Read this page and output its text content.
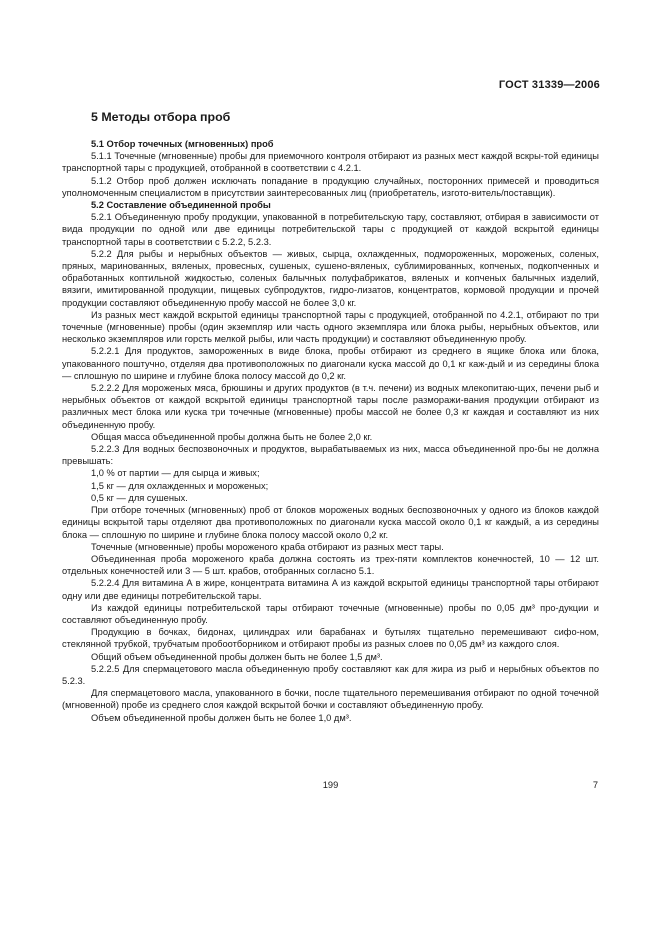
ГОСТ 31339—2006
5 Методы отбора проб

5.1 Отбор точечных (мгновенных) проб

5.1.1 Точечные (мгновенные) пробы для приемочного контроля отбирают из разных мест каждой вскры-той единицы транспортной тары с продукцией, отобранной в соответствии с 4.2.1.

5.1.2 Отбор проб должен исключать попадание в продукцию случайных, посторонних примесей и проводиться уполномоченным специалистом в присутствии заинтересованных лиц (приобретатель, изгото-витель/поставщик).

5.2 Составление объединенной пробы

5.2.1 Объединенную пробу продукции, упакованной в потребительскую тару, составляют, отбирая в зависимости от вида продукции по одной или две единицы потребительской тары с продукцией от каждой вскрытой единицы транспортной тары в соответствии с 5.2.2, 5.2.3.

5.2.2 Для рыбы и нерыбных объектов — живых, сырца, охлажденных, подмороженных, мороженых, соленых, пряных, маринованных, вяленых, провесных, сушеных, сушено-вяленых, сублимированных, копченых, подкопченных и обработанных коптильной жидкостью, соленых балычных полуфабрикатов, вяленых и копченых балычных изделий, вязиги, имитированной продукции, пищевых субпродуктов, гидро-лизатов, концентратов, кормовой продукции и прочей продукции составляют объединенную пробу массой не более 3,0 кг.

Из разных мест каждой вскрытой единицы транспортной тары с продукцией, отобранной по 4.2.1, отбирают по три точечные (мгновенные) пробы (один экземпляр или часть одного экземпляра или блока рыбы, нерыбных объектов, или несколько экземпляров или горсть мелкой рыбы, или часть продукции) и составляют объединенную пробу.

5.2.2.1 Для продуктов, замороженных в виде блока, пробы отбирают из среднего в ящике блока или блока, упакованного поштучно, отделяя два противоположных по диагонали куска массой до 0,1 кг каж-дый и из середины блока — сплошную по ширине и глубине блока полосу массой до 0,2 кг.

5.2.2.2 Для мороженых мяса, брюшины и других продуктов (в т.ч. печени) из водных млекопитаю-щих, печени рыб и нерыбных объектов от каждой вскрытой единицы транспортной тары после разморажи-вания продукции отбирают из различных мест блока или куска три точечные (мгновенные) пробы массой не более 0,3 кг каждая и составляют из них объединенную пробу.

Общая масса объединенной пробы должна быть не более 2,0 кг.

5.2.2.3 Для водных беспозвоночных и продуктов, вырабатываемых из них, масса объединенной про-бы не должна превышать:

1,0 % от партии — для сырца и живых;

1,5 кг — для охлажденных и мороженых;

0,5 кг — для сушеных.

При отборе точечных (мгновенных) проб от блоков мороженых водных беспозвоночных у одного из блоков каждой единицы вскрытой тары отделяют два противоположных по диагонали куска массой около 0,1 кг каждый, а из середины блока — сплошную по ширине и глубине блока полосу массой около 0,2 кг.

Точечные (мгновенные) пробы мороженого краба отбирают из разных мест тары.

Объединенная проба мороженого краба должна состоять из трех-пяти комплектов конечностей, 10 — 12 шт. отдельных конечностей или 3 — 5 шт. крабов, отобранных согласно 5.1.

5.2.2.4 Для витамина А в жире, концентрата витамина А из каждой вскрытой единицы транспортной тары отбирают одну или две единицы потребительской тары.

Из каждой единицы потребительской тары отбирают точечные (мгновенные) пробы по 0,05 дм³ про-дукции и составляют объединенную пробу.

Продукцию в бочках, бидонах, цилиндрах или барабанах и бутылях тщательно перемешивают сифо-ном, стеклянной трубкой, трубчатым пробоотборником и отбирают пробы из разных слоев по 0,05 дм³ из каждого слоя.

Общий объем объединенной пробы должен быть не более 1,5 дм³.

5.2.2.5 Для спермацетового масла объединенную пробу составляют как для жира из рыб и нерыбных объектов по 5.2.3.

Для спермацетового масла, упакованного в бочки, после тщательного перемешивания отбирают по одной точечной (мгновенной) пробе из среднего слоя каждой вскрытой бочки и составляют объединенную пробу.

Объем объединенной пробы должен быть не более 1,0 дм³.

199	7
